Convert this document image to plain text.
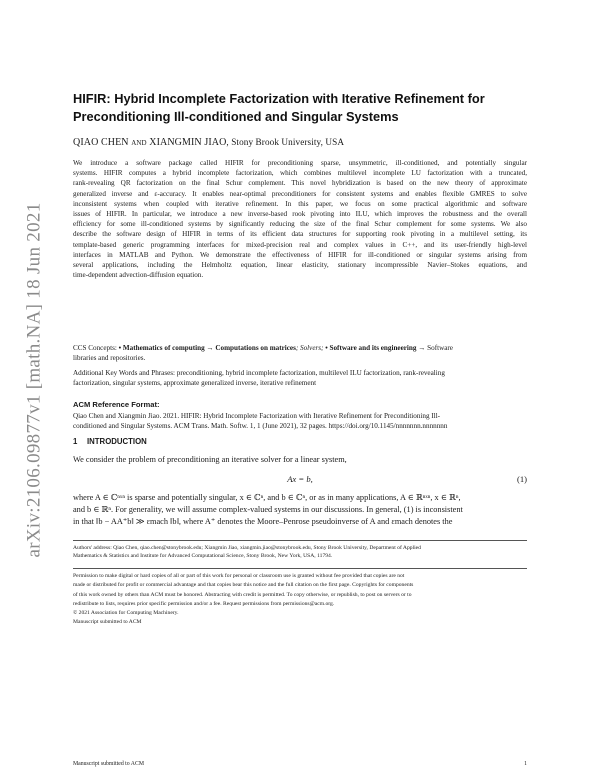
arXiv:2106.09877v1 [math.NA] 18 Jun 2021
HIFIR: Hybrid Incomplete Factorization with Iterative Refinement for
Preconditioning Ill-conditioned and Singular Systems
QIAO CHEN and XIANGMIN JIAO, Stony Brook University, USA
We introduce a software package called HIFIR for preconditioning sparse, unsymmetric, ill-conditioned, and potentially singular
systems. HIFIR computes a hybrid incomplete factorization, which combines multilevel incomplete LU factorization with a truncated,
rank-revealing QR factorization on the final Schur complement. This novel hybridization is based on the new theory of approximate
generalized inverse and ε-accuracy. It enables near-optimal preconditioners for consistent systems and enables flexible GMRES to solve
inconsistent systems when coupled with iterative refinement. In this paper, we focus on some practical algorithmic and software
issues of HIFIR. In particular, we introduce a new inverse-based rook pivoting into ILU, which improves the robustness and the overall
efficiency for some ill-conditioned systems by significantly reducing the size of the final Schur complement for some systems. We also
describe the software design of HIFIR in terms of its efficient data structures for supporting rook pivoting in a multilevel setting, its
template-based generic programming interfaces for mixed-precision real and complex values in C++, and its user-friendly high-level
interfaces in MATLAB and Python. We demonstrate the effectiveness of HIFIR for ill-conditioned or singular systems arising from
several applications, including the Helmholtz equation, linear elasticity, stationary incompressible Navier–Stokes equations, and
time-dependent advection-diffusion equation.
CCS Concepts: • Mathematics of computing → Computations on matrices; Solvers; • Software and its engineering → Software
libraries and repositories.
Additional Key Words and Phrases: preconditioning, hybrid incomplete factorization, multilevel ILU factorization, rank-revealing
factorization, singular systems, approximate generalized inverse, iterative refinement
ACM Reference Format:
Qiao Chen and Xiangmin Jiao. 2021. HIFIR: Hybrid Incomplete Factorization with Iterative Refinement for Preconditioning Ill-
conditioned and Singular Systems. ACM Trans. Math. Softw. 1, 1 (June 2021), 32 pages. https://doi.org/10.1145/nnnnnnn.nnnnnnn
1 INTRODUCTION
We consider the problem of preconditioning an iterative solver for a linear system,
Ax = b,	(1)
where A ∈ ℂⁿˣⁿ is sparse and potentially singular, x ∈ ℂⁿ, and b ∈ ℂⁿ, or as in many applications, A ∈ ℝⁿˣⁿ, x ∈ ℝⁿ,
and b ∈ ℝⁿ. For generality, we will assume complex-valued systems in our discussions. In general, (1) is inconsistent
in that ‖b − AA⁺b‖ ≫ εmach ‖b‖, where A⁺ denotes the Moore–Penrose pseudoinverse of A and εmach denotes the
Authors' address: Qiao Chen, qiao.chen@stonybrook.edu; Xiangmin Jiao, xiangmin.jiao@stonybrook.edu, Stony Brook University, Department of Applied
Mathematics & Statistics and Institute for Advanced Computational Science, Stony Brook, New York, USA, 11794.
Permission to make digital or hard copies of all or part of this work for personal or classroom use is granted without fee provided that copies are not
made or distributed for profit or commercial advantage and that copies bear this notice and the full citation on the first page. Copyrights for components
of this work owned by others than ACM must be honored. Abstracting with credit is permitted. To copy otherwise, or republish, to post on servers or to
redistribute to lists, requires prior specific permission and/or a fee. Request permissions from permissions@acm.org.
© 2021 Association for Computing Machinery.
Manuscript submitted to ACM
Manuscript submitted to ACM	1
